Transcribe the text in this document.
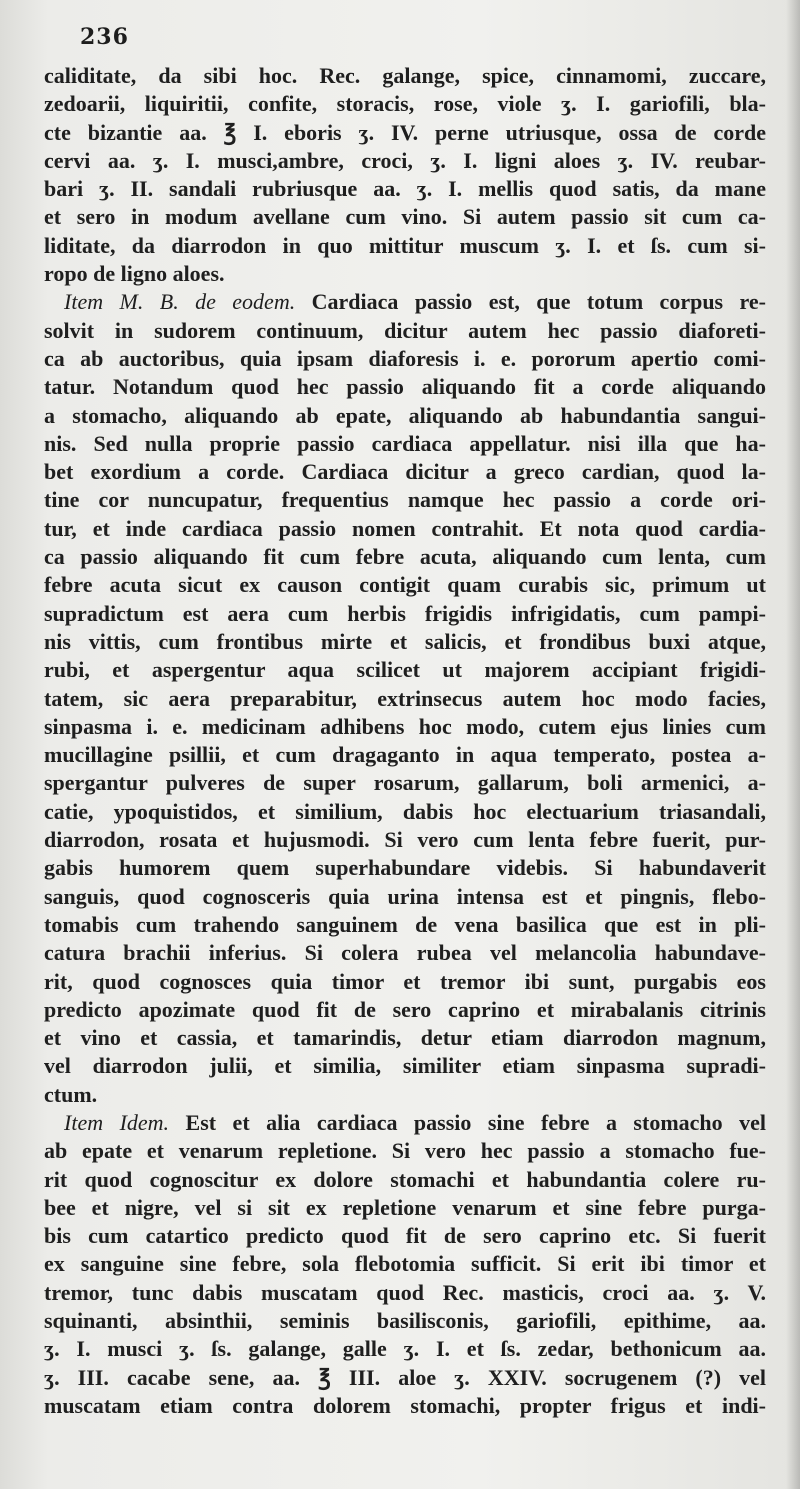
236
caliditate, da sibi hoc. Rec. galange, spice, cinnamomi, zuccare,
zedoarii, liquiritii, confite, storacis, rose, viole ʒ. I. gariofili, bla-
cte bizantie aa. ℥ I. eboris ʒ. IV. perne utriusque, ossa de corde
cervi aa. ʒ. I. musci,ambre, croci, ʒ. I. ligni aloes ʒ. IV. reubar-
bari ʒ. II. sandali rubriusque aa. ʒ. I. mellis quod satis, da mane
et sero in modum avellane cum vino. Si autem passio sit cum ca-
liditate, da diarrodon in quo mittitur muscum ʒ. I. et ſs. cum si-
ropo de ligno aloes.
Item M. B. de eodem. Cardiaca passio est, que totum corpus re-
solvit in sudorem continuum, dicitur autem hec passio diaforeti-
ca ab auctoribus, quia ipsam diaforesis i. e. pororum apertio comi-
tatur. Notandum quod hec passio aliquando fit a corde aliquando
a stomacho, aliquando ab epate, aliquando ab habundantia sangui-
nis. Sed nulla proprie passio cardiaca appellatur. nisi illa que ha-
bet exordium a corde. Cardiaca dicitur a greco cardian, quod la-
tine cor nuncupatur, frequentius namque hec passio a corde ori-
tur, et inde cardiaca passio nomen contrahit. Et nota quod cardia-
ca passio aliquando fit cum febre acuta, aliquando cum lenta, cum
febre acuta sicut ex causon contigit quam curabis sic, primum ut
supradictum est aera cum herbis frigidis infrigidatis, cum pampi-
nis vittis, cum frontibus mirte et salicis, et frondibus buxi atque,
rubi, et aspergentur aqua scilicet ut majorem accipiant frigidi-
tatem, sic aera preparabitur, extrinsecus autem hoc modo facies,
sinpasma i. e. medicinam adhibens hoc modo, cutem ejus linies cum
mucillagine psillii, et cum dragaganto in aqua temperato, postea a-
spergantur pulveres de super rosarum, gallarum, boli armenici, a-
catie, ypoquistidos, et similium, dabis hoc electuarium triasandali,
diarrodon, rosata et hujusmodi. Si vero cum lenta febre fuerit, pur-
gabis humorem quem superhabundare videbis. Si habundaverit
sanguis, quod cognosceris quia urina intensa est et pingnis, flebo-
tomabis cum trahendo sanguinem de vena basilica que est in pli-
catura brachii inferius. Si colera rubea vel melancolia habundave-
rit, quod cognosces quia timor et tremor ibi sunt, purgabis eos
predicto apozimate quod fit de sero caprino et mirabalanis citrinis
et vino et cassia, et tamarindis, detur etiam diarrodon magnum,
vel diarrodon julii, et similia, similiter etiam sinpasma supradi-
ctum.
Item Idem. Est et alia cardiaca passio sine febre a stomacho vel
ab epate et venarum repletione. Si vero hec passio a stomacho fue-
rit quod cognoscitur ex dolore stomachi et habundantia colere ru-
bee et nigre, vel si sit ex repletione venarum et sine febre purga-
bis cum catartico predicto quod fit de sero caprino etc. Si fuerit
ex sanguine sine febre, sola flebotomia sufficit. Si erit ibi timor et
tremor, tunc dabis muscatam quod Rec. masticis, croci aa. ʒ. V.
squinanti, absinthii, seminis basilisconis, gariofili, epithime, aa.
ʒ. I. musci ʒ. ſs. galange, galle ʒ. I. et ſs. zedar, bethonicum aa.
ʒ. III. cacabe sene, aa. ℥ III. aloe ʒ. XXIV. socrugenem (?) vel
muscatam etiam contra dolorem stomachi, propter frigus et indi-
